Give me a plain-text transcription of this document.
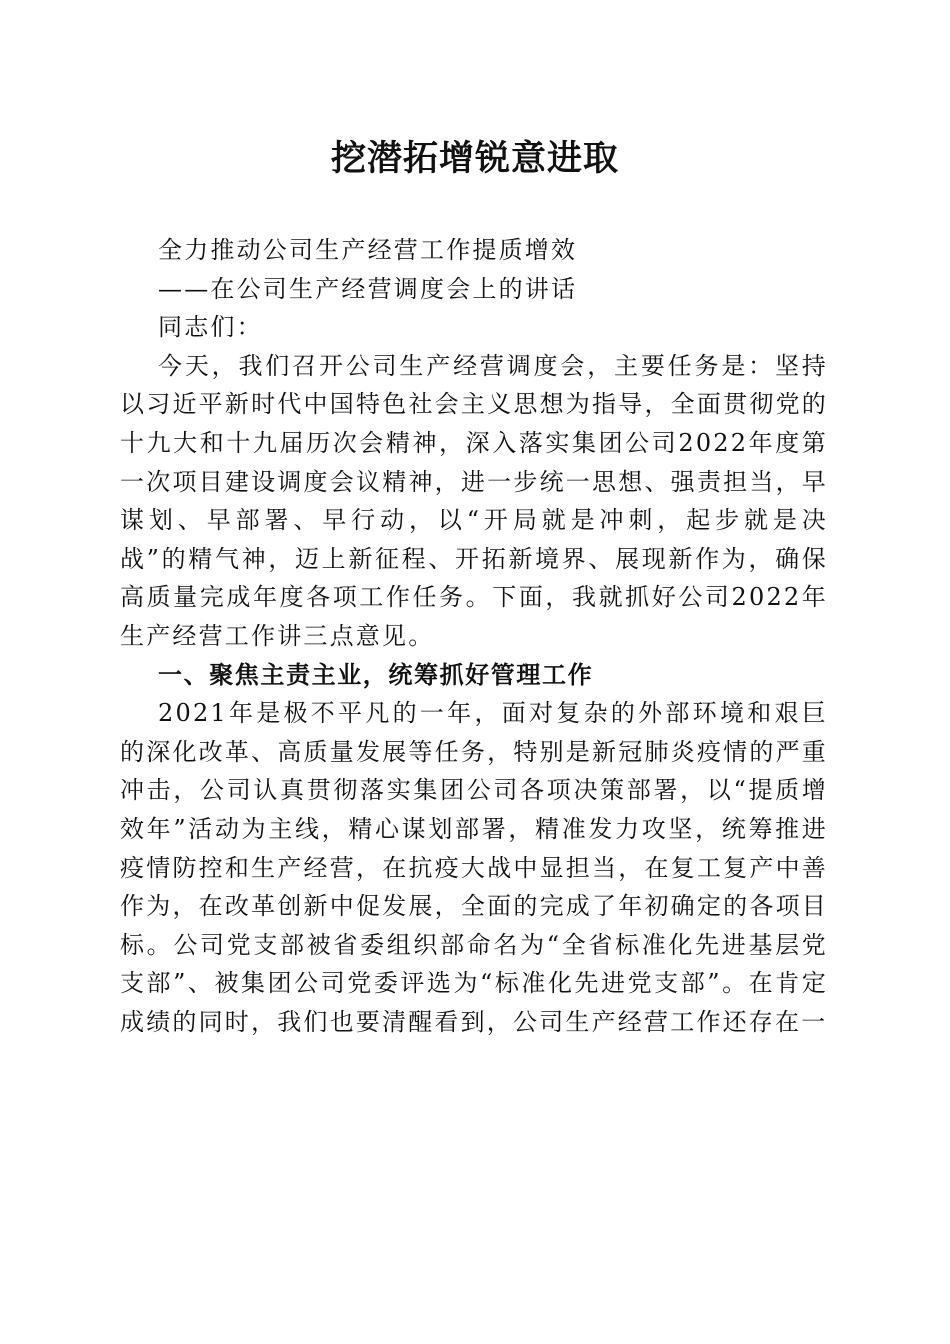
挖潜拓增锐意进取

全力推动公司生产经营工作提质增效

——在公司生产经营调度会上的讲话

同志们：

今天，我们召开公司生产经营调度会，主要任务是：坚持以习近平新时代中国特色社会主义思想为指导，全面贯彻党的十九大和十九届历次会精神，深入落实集团公司2022年度第一次项目建设调度会议精神，进一步统一思想、强责担当，早谋划、早部署、早行动，以“开局就是冲刺，起步就是决战”的精气神，迈上新征程、开拓新境界、展现新作为，确保高质量完成年度各项工作任务。下面，我就抓好公司2022年生产经营工作讲三点意见。

一、聚焦主责主业，统筹抓好管理工作

2021年是极不平凡的一年，面对复杂的外部环境和艰巨的深化改革、高质量发展等任务，特别是新冠肺炎疫情的严重冲击，公司认真贯彻落实集团公司各项决策部署，以“提质增效年”活动为主线，精心谋划部署，精准发力攻坚，统筹推进疫情防控和生产经营，在抗疫大战中显担当，在复工复产中善作为，在改革创新中促发展，全面的完成了年初确定的各项目标。公司党支部被省委组织部命名为“全省标准化先进基层党支部”、被集团公司党委评选为“标准化先进党支部”。在肯定成绩的同时，我们也要清醒看到，公司生产经营工作还存在一
